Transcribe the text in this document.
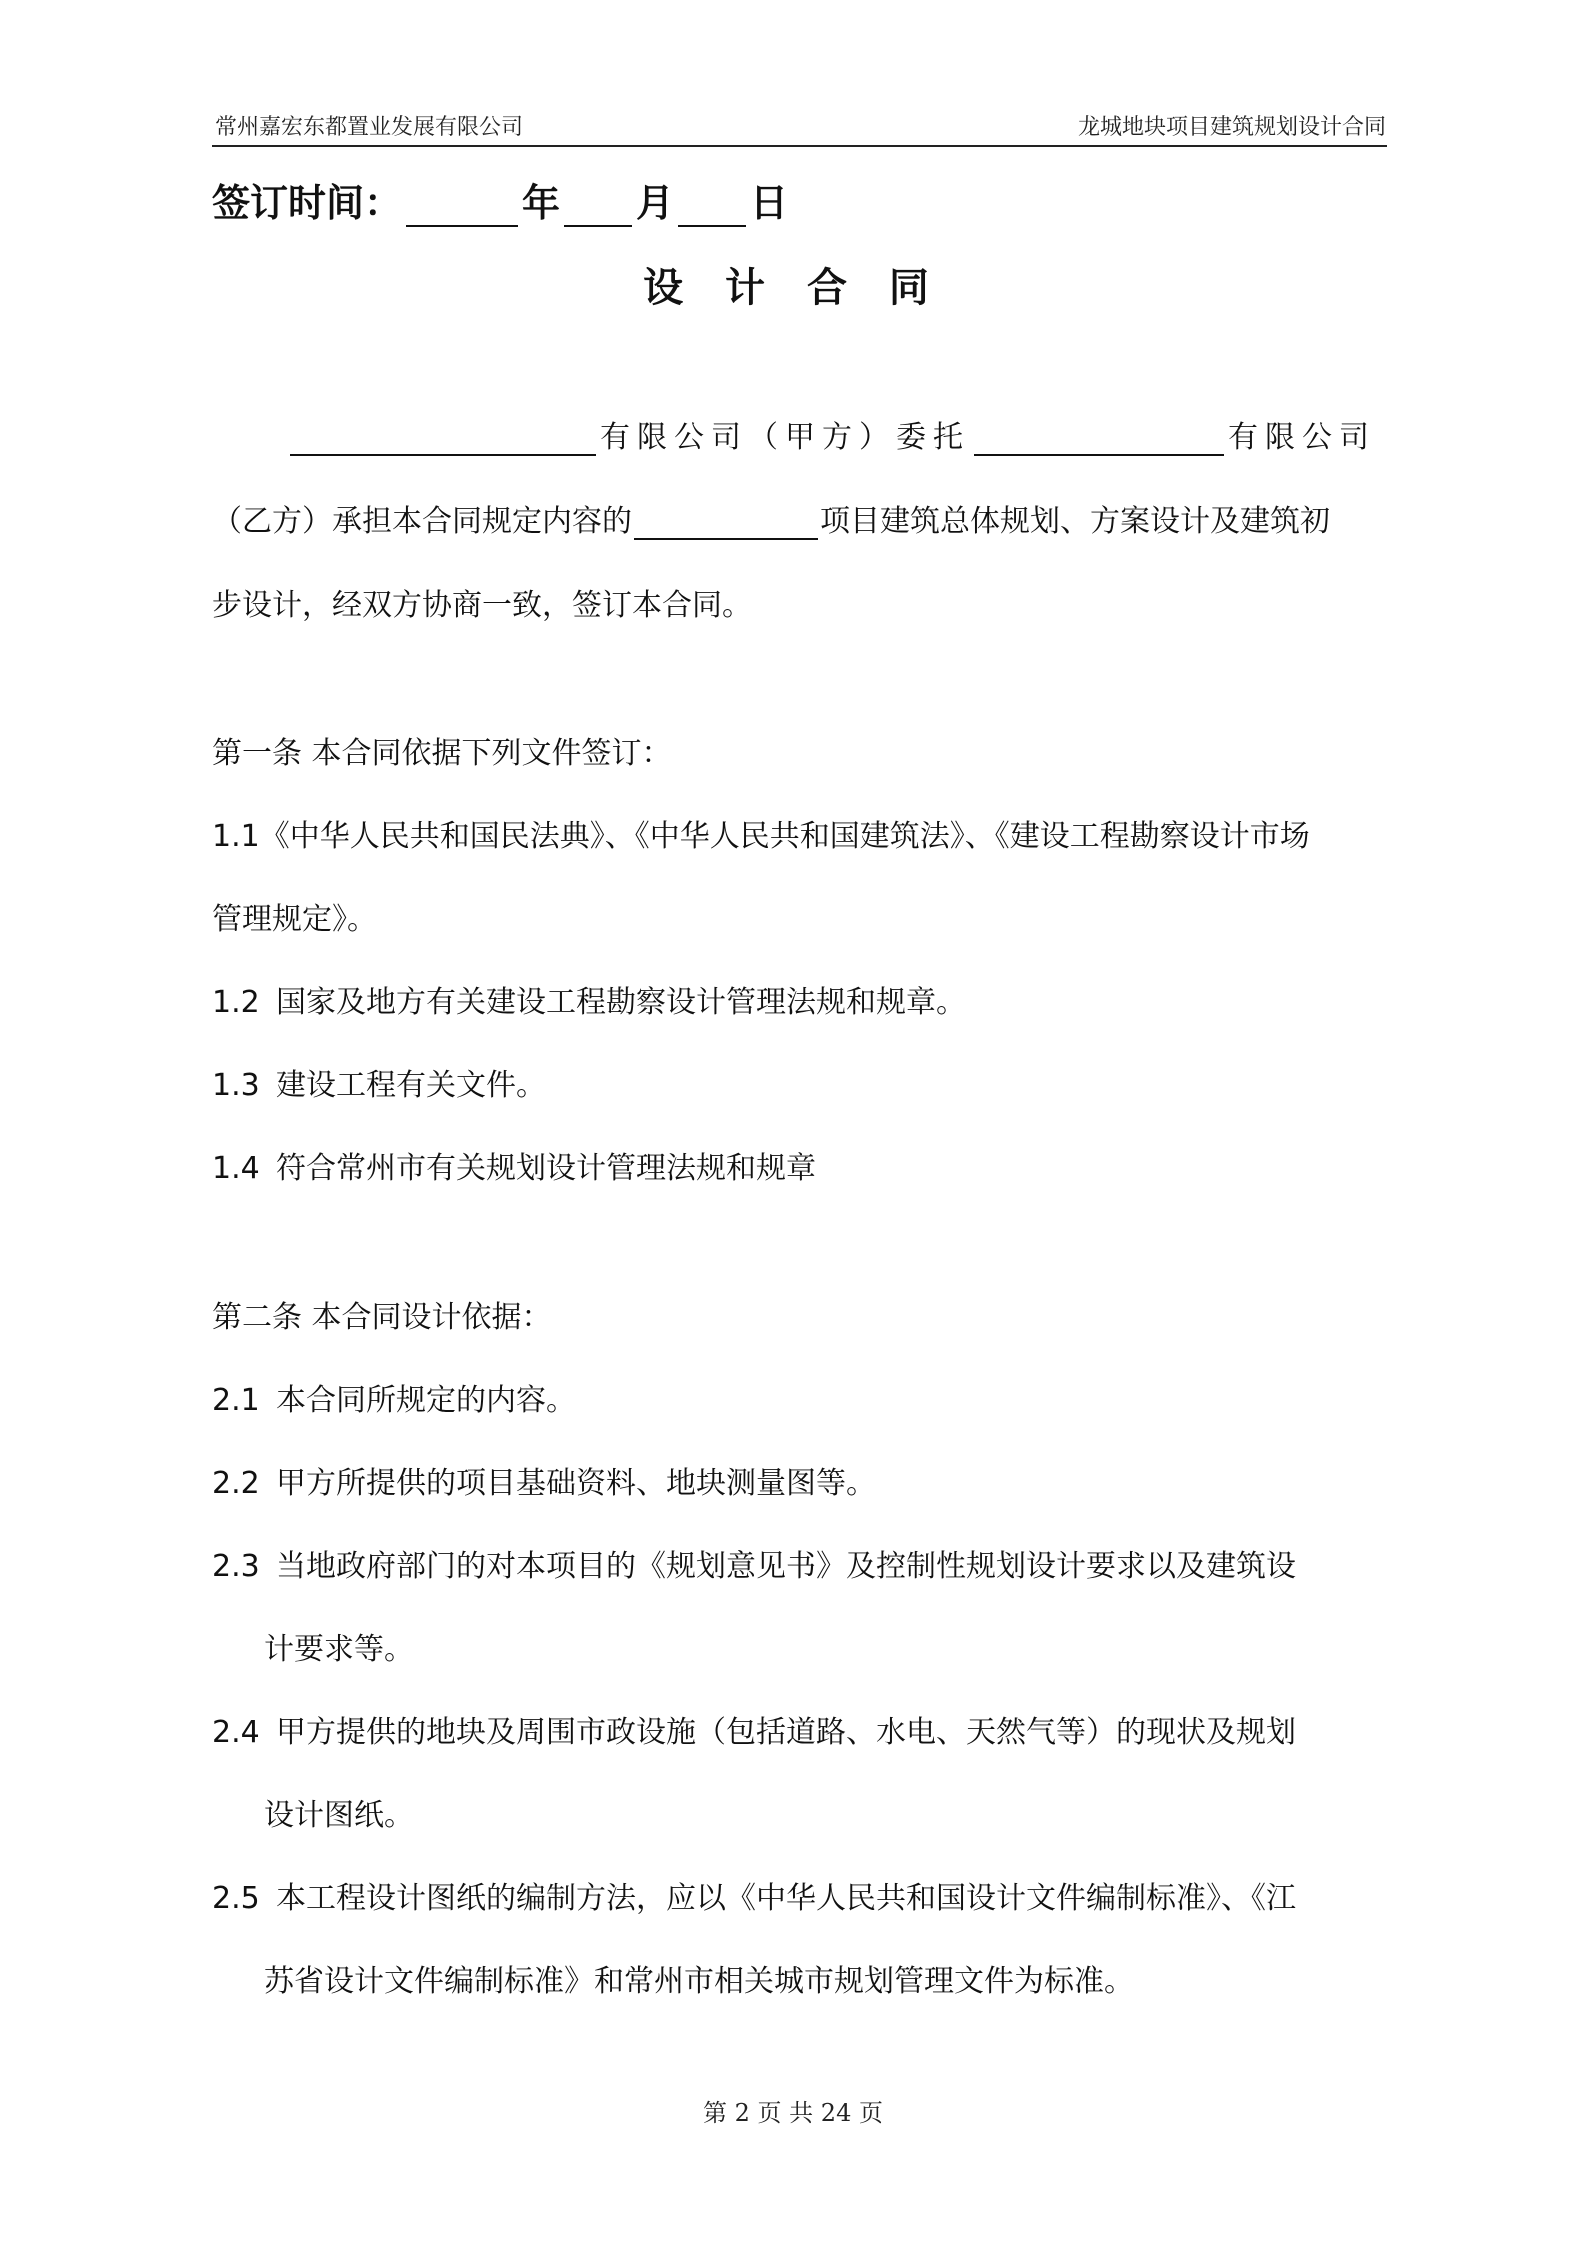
常州嘉宏东都置业发展有限公司	龙城地块项目建筑规划设计合同
签订时间：	年 月 日
设 计 合 同
有限公司（甲方）委托	有限公司
（乙方）承担本合同规定内容的	项目建筑总体规划、方案设计及建筑初
步设计，经双方协商一致，签订本合同。
第一条 本合同依据下列文件签订：
1.1《中华人民共和国民法典》、《中华人民共和国建筑法》、《建设工程勘察设计市场
管理规定》。
1.2 国家及地方有关建设工程勘察设计管理法规和规章。
1.3 建设工程有关文件。
1.4 符合常州市有关规划设计管理法规和规章
第二条 本合同设计依据：
2.1 本合同所规定的内容。
2.2 甲方所提供的项目基础资料、地块测量图等。
2.3 当地政府部门的对本项目的《规划意见书》及控制性规划设计要求以及建筑设
计要求等。
2.4 甲方提供的地块及周围市政设施（包括道路、水电、天然气等）的现状及规划
设计图纸。
2.5 本工程设计图纸的编制方法，应以《中华人民共和国设计文件编制标准》、《江
苏省设计文件编制标准》和常州市相关城市规划管理文件为标准。
第 2 页 共 24 页
